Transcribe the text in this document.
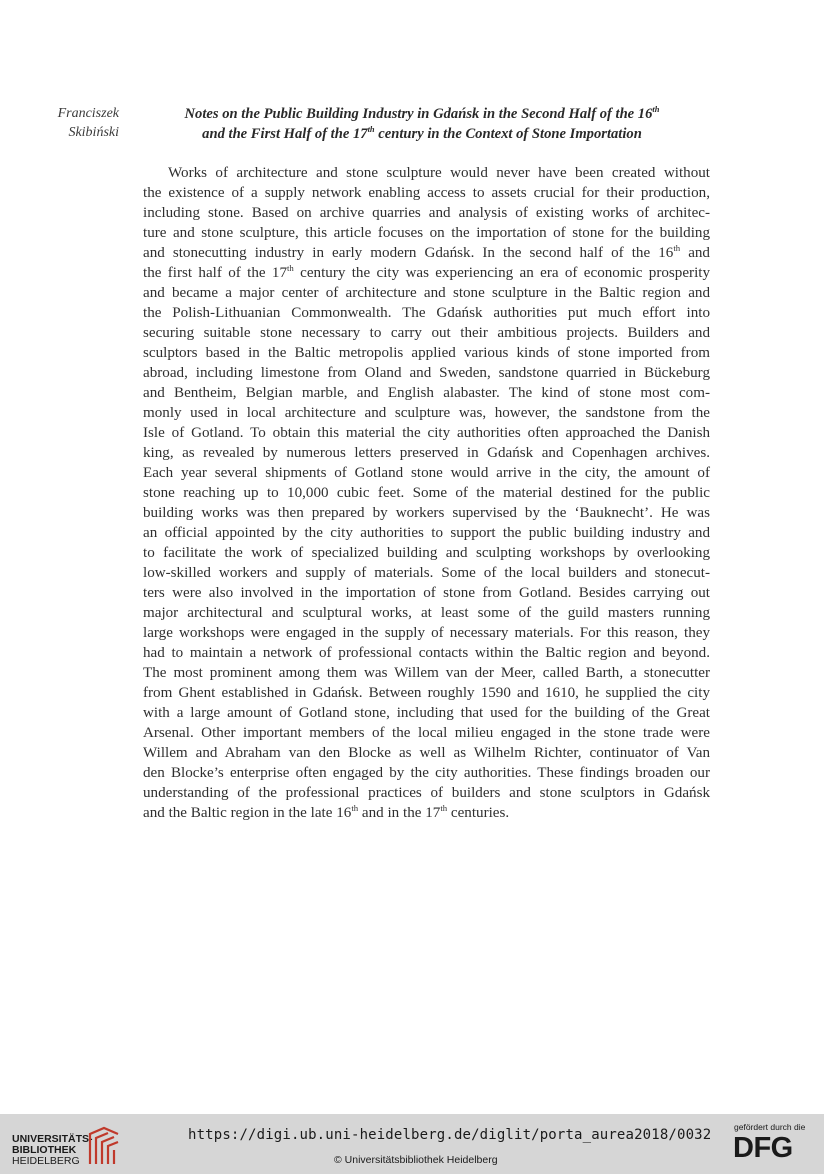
Franciszek
Skibiński
Notes on the Public Building Industry in Gdańsk in the Second Half of the 16th
and the First Half of the 17th century in the Context of Stone Importation
Works of architecture and stone sculpture would never have been created without
the existence of a supply network enabling access to assets crucial for their production,
including stone. Based on archive quarries and analysis of existing works of architec-
ture and stone sculpture, this article focuses on the importation of stone for the building
and stonecutting industry in early modern Gdańsk. In the second half of the 16th and
the first half of the 17th century the city was experiencing an era of economic prosperity
and became a major center of architecture and stone sculpture in the Baltic region and
the Polish-Lithuanian Commonwealth. The Gdańsk authorities put much effort into
securing suitable stone necessary to carry out their ambitious projects. Builders and
sculptors based in the Baltic metropolis applied various kinds of stone imported from
abroad, including limestone from Oland and Sweden, sandstone quarried in Bückeburg
and Bentheim, Belgian marble, and English alabaster. The kind of stone most com-
monly used in local architecture and sculpture was, however, the sandstone from the
Isle of Gotland. To obtain this material the city authorities often approached the Danish
king, as revealed by numerous letters preserved in Gdańsk and Copenhagen archives.
Each year several shipments of Gotland stone would arrive in the city, the amount of
stone reaching up to 10,000 cubic feet. Some of the material destined for the public
building works was then prepared by workers supervised by the ‘Bauknecht’. He was
an official appointed by the city authorities to support the public building industry and
to facilitate the work of specialized building and sculpting workshops by overlooking
low-skilled workers and supply of materials. Some of the local builders and stonecut-
ters were also involved in the importation of stone from Gotland. Besides carrying out
major architectural and sculptural works, at least some of the guild masters running
large workshops were engaged in the supply of necessary materials. For this reason, they
had to maintain a network of professional contacts within the Baltic region and beyond.
The most prominent among them was Willem van der Meer, called Barth, a stonecutter
from Ghent established in Gdańsk. Between roughly 1590 and 1610, he supplied the city
with a large amount of Gotland stone, including that used for the building of the Great
Arsenal. Other important members of the local milieu engaged in the stone trade were
Willem and Abraham van den Blocke as well as Wilhelm Richter, continuator of Van
den Blocke’s enterprise often engaged by the city authorities. These findings broaden our
understanding of the professional practices of builders and stone sculptors in Gdańsk
and the Baltic region in the late 16th and in the 17th centuries.
UNIVERSITÄTS-
BIBLIOTHEK
HEIDELBERG
https://digi.ub.uni-heidelberg.de/diglit/porta_aurea2018/0032
© Universitätsbibliothek Heidelberg
gefördert durch die
DFG
